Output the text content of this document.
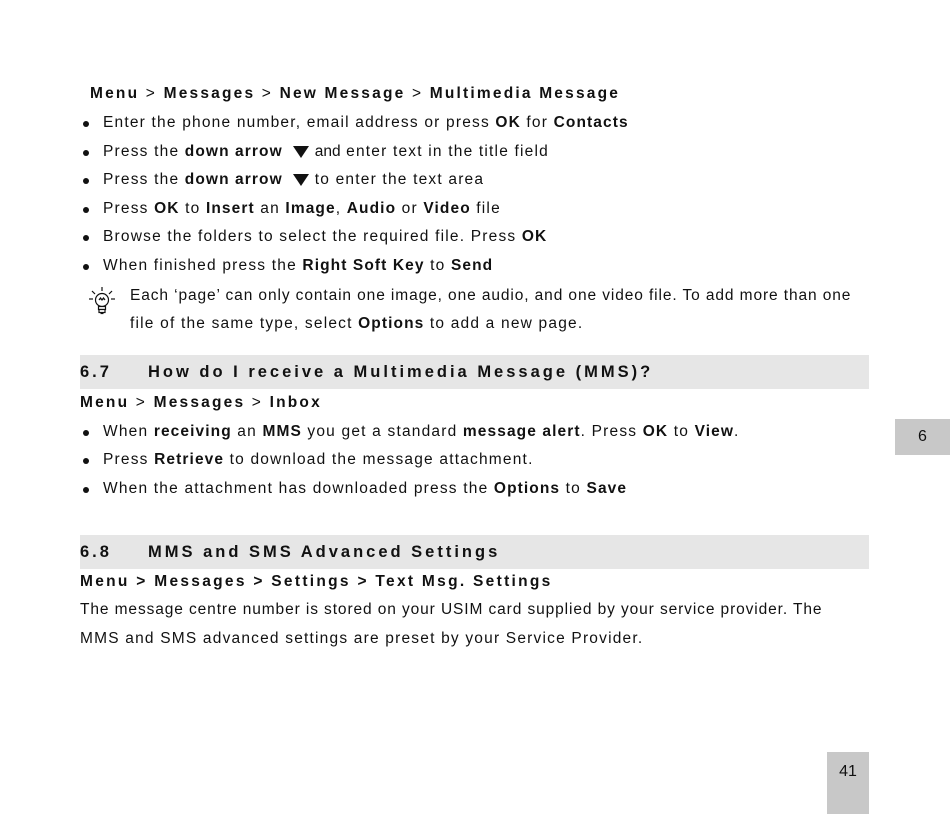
Menu > Messages > New Message > Multimedia Message

Enter the phone number, email address or press OK for Contacts

Press the down arrow and enter text in the title field

Press the down arrow to enter the text area

Press OK to Insert an Image, Audio or Video file

Browse the folders to select the required file. Press OK

When finished press the Right Soft Key to Send

Each ‘page’ can only contain one image, one audio, and one video file. To add more than one

file of the same type, select Options to add a new page.

6.7 How do I receive a Multimedia Message (MMS)?

Menu > Messages > Inbox

When receiving an MMS you get a standard message alert. Press OK to View.

Press Retrieve to download the message attachment.

When the attachment has downloaded press the Options to Save

6.8 MMS and SMS Advanced Settings

Menu > Messages > Settings > Text Msg. Settings

The message centre number is stored on your USIM card supplied by your service provider. The

MMS and SMS advanced settings are preset by your Service Provider.

6
41
